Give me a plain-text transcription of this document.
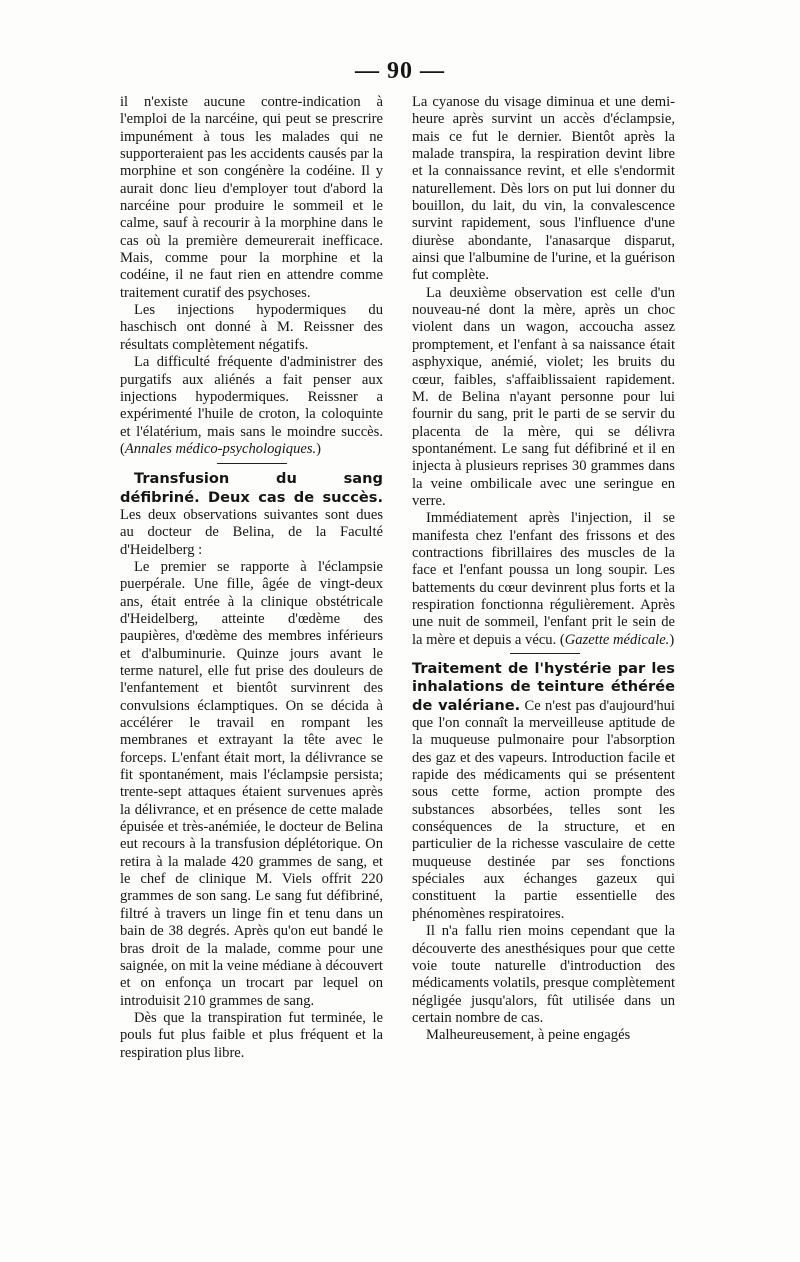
— 90 —

il n'existe aucune contre-indication à l'emploi de la narcéine, qui peut se prescrire impunément à tous les malades qui ne supporteraient pas les accidents causés par la morphine et son congénère la codéine. Il y aurait donc lieu d'employer tout d'abord la narcéine pour produire le sommeil et le calme, sauf à recourir à la morphine dans le cas où la première demeurerait inefficace. Mais, comme pour la morphine et la codéine, il ne faut rien en attendre comme traitement curatif des psychoses.

Les injections hypodermiques du haschisch ont donné à M. Reissner des résultats complètement négatifs.

La difficulté fréquente d'administrer des purgatifs aux aliénés a fait penser aux injections hypodermiques. Reissner a expérimenté l'huile de croton, la coloquinte et l'élatérium, mais sans le moindre succès. (Annales médico-psychologiques.)

Transfusion du sang défibriné. Deux cas de succès. Les deux observations suivantes sont dues au docteur de Belina, de la Faculté d'Heidelberg :

Le premier se rapporte à l'éclampsie puerpérale. Une fille, âgée de vingt-deux ans, était entrée à la clinique obstétricale d'Heidelberg, atteinte d'œdème des paupières, d'œdème des membres inférieurs et d'albuminurie. Quinze jours avant le terme naturel, elle fut prise des douleurs de l'enfantement et bientôt survinrent des convulsions éclamptiques. On se décida à accélérer le travail en rompant les membranes et extrayant la tête avec le forceps. L'enfant était mort, la délivrance se fit spontanément, mais l'éclampsie persista; trente-sept attaques étaient survenues après la délivrance, et en présence de cette malade épuisée et très-anémiée, le docteur de Belina eut recours à la transfusion déplétorique. On retira à la malade 420 grammes de sang, et le chef de clinique M. Viels offrit 220 grammes de son sang. Le sang fut défibriné, filtré à travers un linge fin et tenu dans un bain de 38 degrés. Après qu'on eut bandé le bras droit de la malade, comme pour une saignée, on mit la veine médiane à découvert et on enfonça un trocart par lequel on introduisit 210 grammes de sang.

Dès que la transpiration fut terminée, le pouls fut plus faible et plus fréquent et la respiration plus libre.

La cyanose du visage diminua et une demi-heure après survint un accès d'éclampsie, mais ce fut le dernier. Bientôt après la malade transpira, la respiration devint libre et la connaissance revint, et elle s'endormit naturellement. Dès lors on put lui donner du bouillon, du lait, du vin, la convalescence survint rapidement, sous l'influence d'une diurèse abondante, l'anasarque disparut, ainsi que l'albumine de l'urine, et la guérison fut complète.

La deuxième observation est celle d'un nouveau-né dont la mère, après un choc violent dans un wagon, accoucha assez promptement, et l'enfant à sa naissance était asphyxique, anémié, violet; les bruits du cœur, faibles, s'affaiblissaient rapidement. M. de Belina n'ayant personne pour lui fournir du sang, prit le parti de se servir du placenta de la mère, qui se délivra spontanément. Le sang fut défibriné et il en injecta à plusieurs reprises 30 grammes dans la veine ombilicale avec une seringue en verre.

Immédiatement après l'injection, il se manifesta chez l'enfant des frissons et des contractions fibrillaires des muscles de la face et l'enfant poussa un long soupir. Les battements du cœur devinrent plus forts et la respiration fonctionna régulièrement. Après une nuit de sommeil, l'enfant prit le sein de la mère et depuis a vécu. (Gazette médicale.)

Traitement de l'hystérie par les inhalations de teinture éthérée de valériane. Ce n'est pas d'aujourd'hui que l'on connaît la merveilleuse aptitude de la muqueuse pulmonaire pour l'absorption des gaz et des vapeurs. Introduction facile et rapide des médicaments qui se présentent sous cette forme, action prompte des substances absorbées, telles sont les conséquences de la structure, et en particulier de la richesse vasculaire de cette muqueuse destinée par ses fonctions spéciales aux échanges gazeux qui constituent la partie essentielle des phénomènes respiratoires.

Il n'a fallu rien moins cependant que la découverte des anesthésiques pour que cette voie toute naturelle d'introduction des médicaments volatils, presque complètement négligée jusqu'alors, fût utilisée dans un certain nombre de cas.

Malheureusement, à peine engagés
